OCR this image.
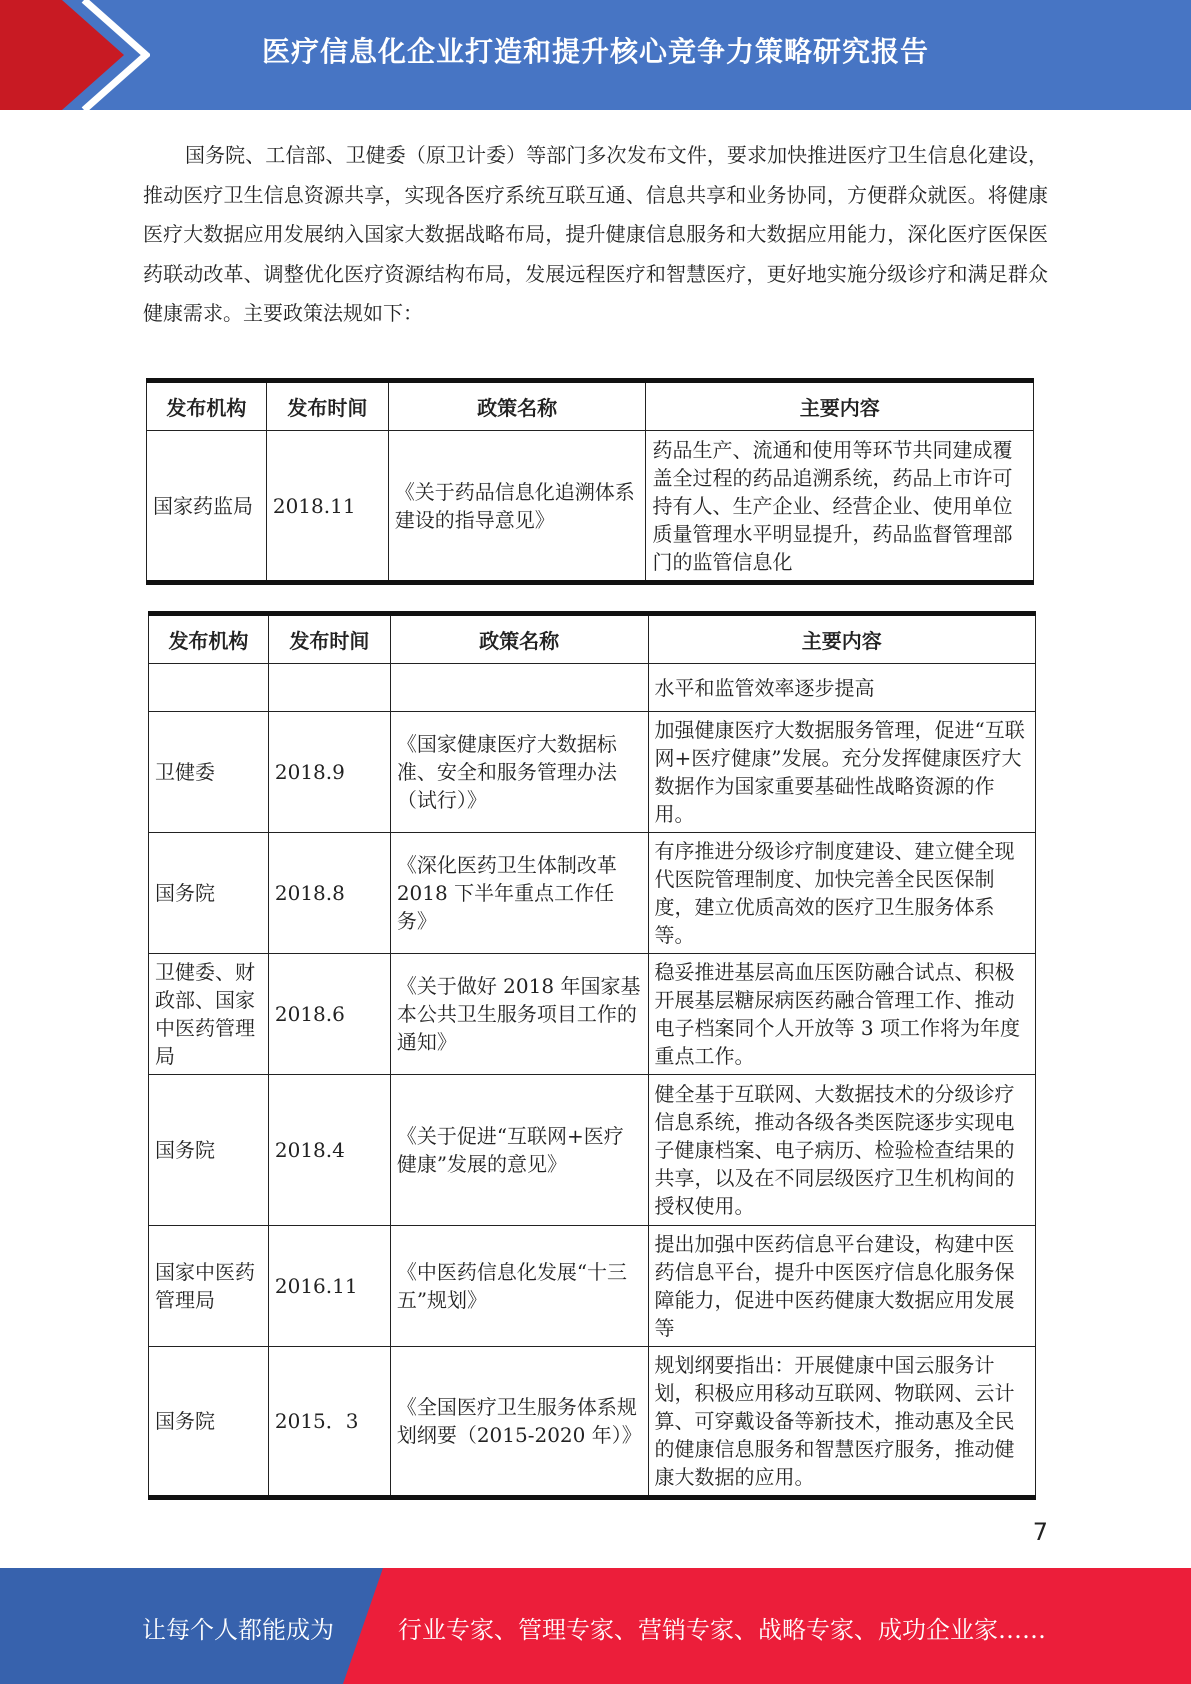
医疗信息化企业打造和提升核心竞争力策略研究报告

国务院、工信部、卫健委（原卫计委）等部门多次发布文件，要求加快推进医疗卫生信息化建设，推动医疗卫生信息资源共享，实现各医疗系统互联互通、信息共享和业务协同，方便群众就医。将健康医疗大数据应用发展纳入国家大数据战略布局，提升健康信息服务和大数据应用能力，深化医疗医保医药联动改革、调整优化医疗资源结构布局，发展远程医疗和智慧医疗，更好地实施分级诊疗和满足群众健康需求。主要政策法规如下：

发布机构	发布时间	政策名称	主要内容
国家药监局	2018.11	《关于药品信息化追溯体系建设的指导意见》	药品生产、流通和使用等环节共同建成覆盖全过程的药品追溯系统，药品上市许可持有人、生产企业、经营企业、使用单位质量管理水平明显提升，药品监督管理部门的监管信息化
发布机构	发布时间	政策名称	主要内容
			水平和监管效率逐步提高
卫健委	2018.9	《国家健康医疗大数据标准、安全和服务管理办法（试行）》	加强健康医疗大数据服务管理，促进“互联网+医疗健康”发展。充分发挥健康医疗大数据作为国家重要基础性战略资源的作用。
国务院	2018.8	《深化医药卫生体制改革 2018 下半年重点工作任务》	有序推进分级诊疗制度建设、建立健全现代医院管理制度、加快完善全民医保制度，建立优质高效的医疗卫生服务体系等。
卫健委、财政部、国家中医药管理局	2018.6	《关于做好 2018 年国家基本公共卫生服务项目工作的通知》	稳妥推进基层高血压医防融合试点、积极开展基层糖尿病医药融合管理工作、推动电子档案同个人开放等 3 项工作将为年度重点工作。
国务院	2018.4	《关于促进“互联网+医疗健康”发展的意见》	健全基于互联网、大数据技术的分级诊疗信息系统，推动各级各类医院逐步实现电子健康档案、电子病历、检验检查结果的共享，以及在不同层级医疗卫生机构间的授权使用。
国家中医药管理局	2016.11	《中医药信息化发展“十三五”规划》	提出加强中医药信息平台建设，构建中医药信息平台，提升中医医疗信息化服务保障能力，促进中医药健康大数据应用发展等
国务院	2015．3	《全国医疗卫生服务体系规划纲要（2015-2020 年）》	规划纲要指出：开展健康中国云服务计划，积极应用移动互联网、物联网、云计算、可穿戴设备等新技术，推动惠及全民的健康信息服务和智慧医疗服务，推动健康大数据的应用。
7
让每个人都能成为	行业专家、管理专家、营销专家、战略专家、成功企业家……
